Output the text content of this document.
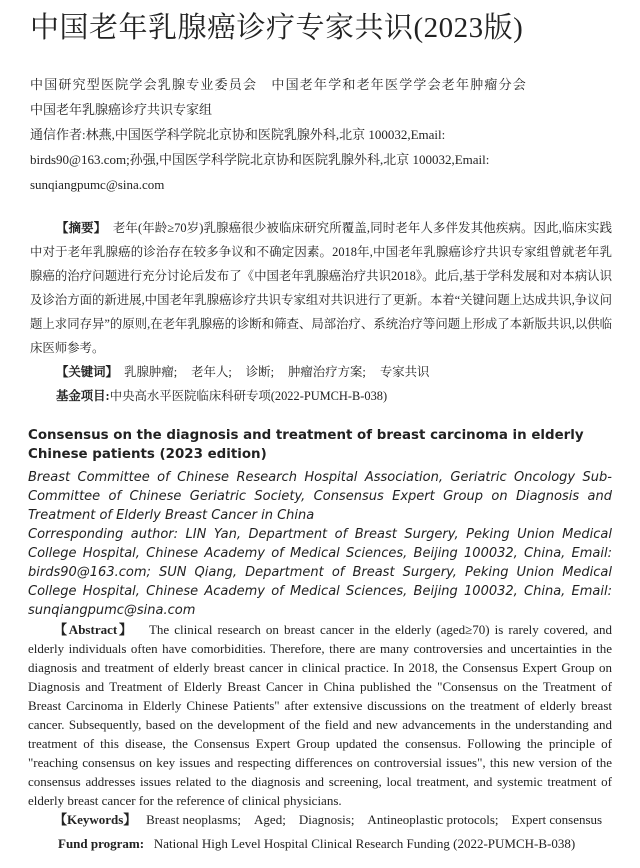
中国老年乳腺癌诊疗专家共识(2023版)
中国研究型医院学会乳腺专业委员会　中国老年学和老年医学学会老年肿瘤分会
中国老年乳腺癌诊疗共识专家组
通信作者:林燕,中国医学科学院北京协和医院乳腺外科,北京 100032,Email:
birds90@163.com;孙强,中国医学科学院北京协和医院乳腺外科,北京 100032,Email:
sunqiangpumc@sina.com

【摘要】 老年(年龄≥70岁)乳腺癌很少被临床研究所覆盖,同时老年人多伴发其他疾病。因此,临床实践中对于老年乳腺癌的诊治存在较多争议和不确定因素。2018年,中国老年乳腺癌诊疗共识专家组曾就老年乳腺癌的治疗问题进行充分讨论后发布了《中国老年乳腺癌治疗共识2018》。此后,基于学科发展和对本病认识及诊治方面的新进展,中国老年乳腺癌诊疗共识专家组对共识进行了更新。本着“关键问题上达成共识,争议问题上求同存异”的原则,在老年乳腺癌的诊断和筛查、局部治疗、系统治疗等问题上形成了本新版共识,以供临床医师参考。

【关键词】 乳腺肿瘤; 老年人; 诊断; 肿瘤治疗方案; 专家共识

基金项目:中央高水平医院临床科研专项(2022-PUMCH-B-038)

Consensus on the diagnosis and treatment of breast carcinoma in elderly Chinese patients (2023 edition)

Breast Committee of Chinese Research Hospital Association, Geriatric Oncology Sub-Committee of Chinese Geriatric Society, Consensus Expert Group on Diagnosis and Treatment of Elderly Breast Cancer in China

Corresponding author: LIN Yan, Department of Breast Surgery, Peking Union Medical College Hospital, Chinese Academy of Medical Sciences, Beijing 100032, China, Email: birds90@163.com; SUN Qiang, Department of Breast Surgery, Peking Union Medical College Hospital, Chinese Academy of Medical Sciences, Beijing 100032, China, Email: sunqiangpumc@sina.com

【Abstract】 The clinical research on breast cancer in the elderly (aged≥70) is rarely covered, and elderly individuals often have comorbidities. Therefore, there are many controversies and uncertainties in the diagnosis and treatment of elderly breast cancer in clinical practice. In 2018, the Consensus Expert Group on Diagnosis and Treatment of Elderly Breast Cancer in China published the "Consensus on the Treatment of Breast Carcinoma in Elderly Chinese Patients" after extensive discussions on the treatment of elderly breast cancer. Subsequently, based on the development of the field and new advancements in the understanding and treatment of this disease, the Consensus Expert Group updated the consensus. Following the principle of "reaching consensus on key issues and respecting differences on controversial issues", this new version of the consensus addresses issues related to the diagnosis and screening, local treatment, and systemic treatment of elderly breast cancer for the reference of clinical physicians.

【Keywords】 Breast neoplasms;　Aged;　Diagnosis;　Antineoplastic protocols;　Expert consensus

Fund program: National High Level Hospital Clinical Research Funding (2022-PUMCH-B-038)
